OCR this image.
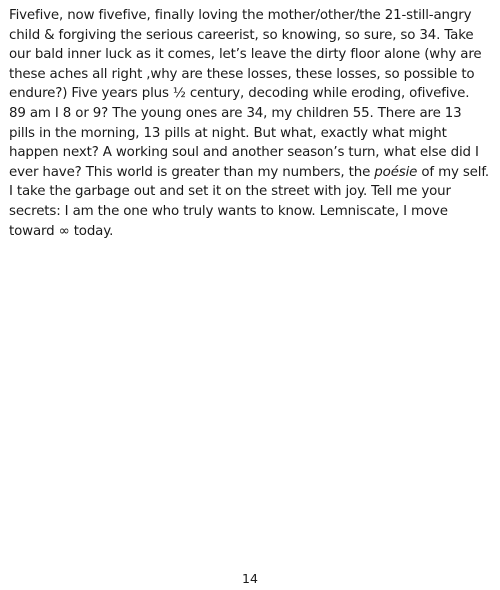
Fivefive, now fivefive, finally loving the mother/other/the 21-still-angry child & forgiving the serious careerist, so knowing, so sure, so 34. Take our bald inner luck as it comes, let’s leave the dirty floor alone (why are these aches all right ,why are these losses, these losses, so possible to endure?) Five years plus ½ century, decoding while eroding, ofivefive.

89 am I 8 or 9? The young ones are 34, my children 55. There are 13 pills in the morning, 13 pills at night. But what, exactly what might happen next? A working soul and another season’s turn, what else did I ever have? This world is greater than my numbers, the poésie of my self. I take the garbage out and set it on the street with joy. Tell me your secrets: I am the one who truly wants to know. Lemniscate, I move toward ∞ today.

14
